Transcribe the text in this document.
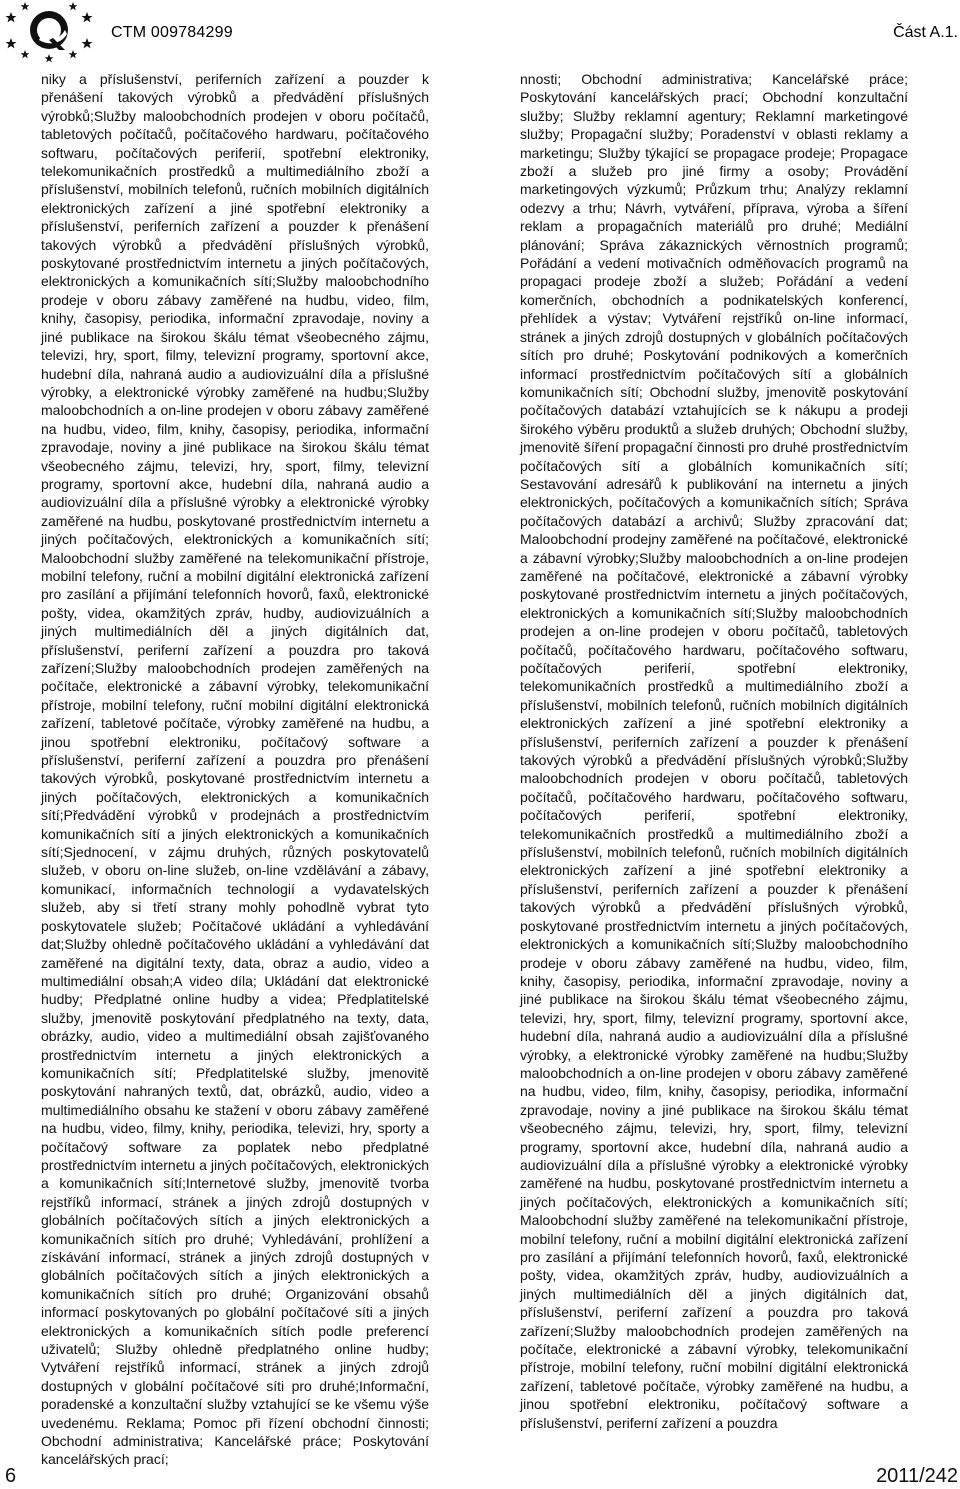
CTM 009784299	Část A.1.

niky a příslušenství, periferních zařízení a pouzder k přenášení takových výrobků a předvádění příslušných výrobků;Služby maloobchodních prodejen v oboru počítačů, tabletových počítačů, počítačového hardwaru, počítačového softwaru, počítačových periferií, spotřební elektroniky, telekomunikačních prostředků a multimediálního zboží a příslušenství, mobilních telefonů, ručních mobilních digitálních elektronických zařízení a jiné spotřební elektroniky a příslušenství, periferních zařízení a pouzder k přenášení takových výrobků a předvádění příslušných výrobků, poskytované prostřednictvím internetu a jiných počítačových, elektronických a komunikačních sítí;Služby maloobchodního prodeje v oboru zábavy zaměřené na hudbu, video, film, knihy, časopisy, periodika, informační zpravodaje, noviny a jiné publikace na širokou škálu témat všeobecného zájmu, televizi, hry, sport, filmy, televizní programy, sportovní akce, hudební díla, nahraná audio a audiovizuální díla a příslušné výrobky, a elektronické výrobky zaměřené na hudbu;Služby maloobchodních a on-line prodejen v oboru zábavy zaměřené na hudbu, video, film, knihy, časopisy, periodika, informační zpravodaje, noviny a jiné publikace na širokou škálu témat všeobecného zájmu, televizi, hry, sport, filmy, televizní programy, sportovní akce, hudební díla, nahraná audio a audiovizuální díla a příslušné výrobky a elektronické výrobky zaměřené na hudbu, poskytované prostřednictvím internetu a jiných počítačových, elektronických a komunikačních sítí; Maloobchodní služby zaměřené na telekomunikační přístroje, mobilní telefony, ruční a mobilní digitální elektronická zařízení pro zasílání a přijímání telefonních hovorů, faxů, elektronické pošty, videa, okamžitých zpráv, hudby, audiovizuálních a jiných multimediálních děl a jiných digitálních dat, příslušenství, periferní zařízení a pouzdra pro taková zařízení;Služby maloobchodních prodejen zaměřených na počítače, elektronické a zábavní výrobky, telekomunikační přístroje, mobilní telefony, ruční mobilní digitální elektronická zařízení, tabletové počítače, výrobky zaměřené na hudbu, a jinou spotřební elektroniku, počítačový software a příslušenství, periferní zařízení a pouzdra pro přenášení takových výrobků, poskytované prostřednictvím internetu a jiných počítačových, elektronických a komunikačních sítí;Předvádění výrobků v prodejnách a prostřednictvím komunikačních sítí a jiných elektronických a komunikačních sítí;Sjednocení, v zájmu druhých, různých poskytovatelů služeb, v oboru on-line služeb, on-line vzdělávání a zábavy, komunikací, informačních technologií a vydavatelských služeb, aby si třetí strany mohly pohodlně vybrat tyto poskytovatele služeb; Počítačové ukládání a vyhledávání dat;Služby ohledně počítačového ukládání a vyhledávání dat zaměřené na digitální texty, data, obraz a audio, video a multimediální obsah;A video díla; Ukládání dat elektronické hudby; Předplatné online hudby a videa; Předplatitelské služby, jmenovitě poskytování předplatného na texty, data, obrázky, audio, video a multimediální obsah zajišťovaného prostřednictvím internetu a jiných elektronických a komunikačních sítí; Předplatitelské služby, jmenovitě poskytování nahraných textů, dat, obrázků, audio, video a multimediálního obsahu ke stažení v oboru zábavy zaměřené na hudbu, video, filmy, knihy, periodika, televizi, hry, sporty a počítačový software za poplatek nebo předplatné prostřednictvím internetu a jiných počítačových, elektronických a komunikačních sítí;Internetové služby, jmenovitě tvorba rejstříků informací, stránek a jiných zdrojů dostupných v globálních počítačových sítích a jiných elektronických a komunikačních sítích pro druhé; Vyhledávání, prohlížení a získávání informací, stránek a jiných zdrojů dostupných v globálních počítačových sítích a jiných elektronických a komunikačních sítích pro druhé; Organizování obsahů informací poskytovaných po globální počítačové síti a jiných elektronických a komunikačních sítích podle preferencí uživatelů; Služby ohledně předplatného online hudby; Vytváření rejstříků informací, stránek a jiných zdrojů dostupných v globální počítačové síti pro druhé;Informační, poradenské a konzultační služby vztahující se ke všemu výše uvedenému. Reklama; Pomoc při řízení obchodní činnosti; Obchodní administrativa; Kancelářské práce; Poskytování kancelářských prací;

nnosti; Obchodní administrativa; Kancelářské práce; Poskytování kancelářských prací; Obchodní konzultační služby; Služby reklamní agentury; Reklamní marketingové služby; Propagační služby; Poradenství v oblasti reklamy a marketingu; Služby týkající se propagace prodeje; Propagace zboží a služeb pro jiné firmy a osoby; Provádění marketingových výzkumů; Průzkum trhu; Analýzy reklamní odezvy a trhu; Návrh, vytváření, příprava, výroba a šíření reklam a propagačních materiálů pro druhé; Mediální plánování; Správa zákaznických věrnostních programů; Pořádání a vedení motivačních odměňovacích programů na propagaci prodeje zboží a služeb; Pořádání a vedení komerčních, obchodních a podnikatelských konferencí, přehlídek a výstav; Vytváření rejstříků on-line informací, stránek a jiných zdrojů dostupných v globálních počítačových sítích pro druhé; Poskytování podnikových a komerčních informací prostřednictvím počítačových sítí a globálních komunikačních sítí; Obchodní služby, jmenovitě poskytování počítačových databází vztahujících se k nákupu a prodeji širokého výběru produktů a služeb druhých; Obchodní služby, jmenovitě šíření propagační činnosti pro druhé prostřednictvím počítačových sítí a globálních komunikačních sítí; Sestavování adresářů k publikování na internetu a jiných elektronických, počítačových a komunikačních sítích; Správa počítačových databází a archivů; Služby zpracování dat; Maloobchodní prodejny zaměřené na počítačové, elektronické a zábavní výrobky;Služby maloobchodních a on-line prodejen zaměřené na počítačové, elektronické a zábavní výrobky poskytované prostřednictvím internetu a jiných počítačových, elektronických a komunikačních sítí;Služby maloobchodních prodejen a on-line prodejen v oboru počítačů, tabletových počítačů, počítačového hardwaru, počítačového softwaru, počítačových periferií, spotřební elektroniky, telekomunikačních prostředků a multimediálního zboží a příslušenství, mobilních telefonů, ručních mobilních digitálních elektronických zařízení a jiné spotřební elektroniky a příslušenství, periferních zařízení a pouzder k přenášení takových výrobků a předvádění příslušných výrobků;Služby maloobchodních prodejen v oboru počítačů, tabletových počítačů, počítačového hardwaru, počítačového softwaru, počítačových periferií, spotřební elektroniky, telekomunikačních prostředků a multimediálního zboží a příslušenství, mobilních telefonů, ručních mobilních digitálních elektronických zařízení a jiné spotřební elektroniky a příslušenství, periferních zařízení a pouzder k přenášení takových výrobků a předvádění příslušných výrobků, poskytované prostřednictvím internetu a jiných počítačových, elektronických a komunikačních sítí;Služby maloobchodního prodeje v oboru zábavy zaměřené na hudbu, video, film, knihy, časopisy, periodika, informační zpravodaje, noviny a jiné publikace na širokou škálu témat všeobecného zájmu, televizi, hry, sport, filmy, televizní programy, sportovní akce, hudební díla, nahraná audio a audiovizuální díla a příslušné výrobky, a elektronické výrobky zaměřené na hudbu;Služby maloobchodních a on-line prodejen v oboru zábavy zaměřené na hudbu, video, film, knihy, časopisy, periodika, informační zpravodaje, noviny a jiné publikace na širokou škálu témat všeobecného zájmu, televizi, hry, sport, filmy, televizní programy, sportovní akce, hudební díla, nahraná audio a audiovizuální díla a příslušné výrobky a elektronické výrobky zaměřené na hudbu, poskytované prostřednictvím internetu a jiných počítačových, elektronických a komunikačních sítí; Maloobchodní služby zaměřené na telekomunikační přístroje, mobilní telefony, ruční a mobilní digitální elektronická zařízení pro zasílání a přijímání telefonních hovorů, faxů, elektronické pošty, videa, okamžitých zpráv, hudby, audiovizuálních a jiných multimediálních děl a jiných digitálních dat, příslušenství, periferní zařízení a pouzdra pro taková zařízení;Služby maloobchodních prodejen zaměřených na počítače, elektronické a zábavní výrobky, telekomunikační přístroje, mobilní telefony, ruční mobilní digitální elektronická zařízení, tabletové počítače, výrobky zaměřené na hudbu, a jinou spotřební elektroniku, počítačový software a příslušenství, periferní zařízení a pouzdra

6	2011/242
